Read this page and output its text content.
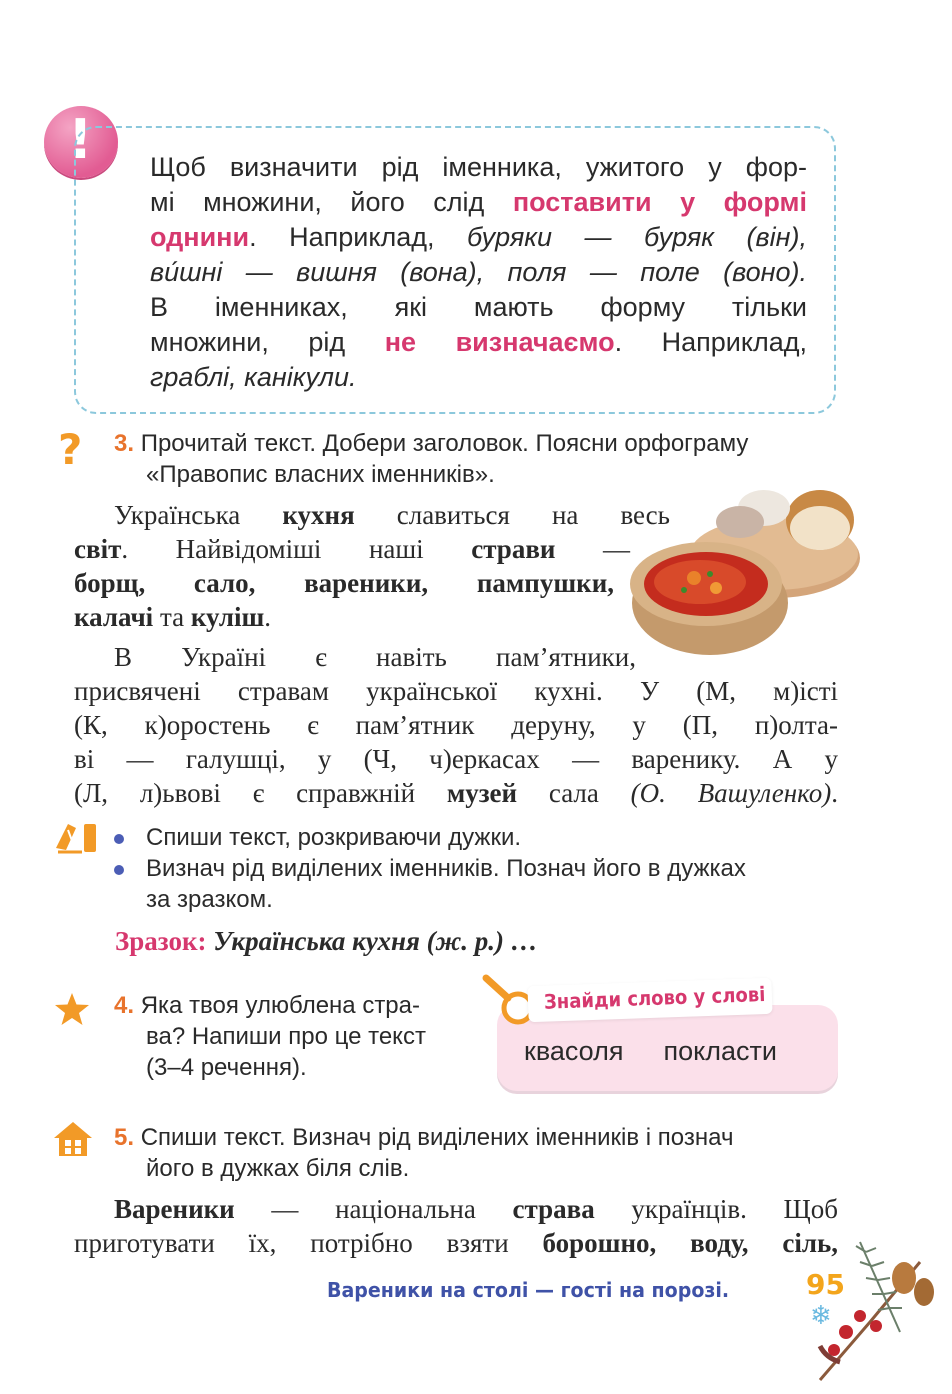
! Щоб визначити рід іменника, ужитого у фор-

мі множини, його слід поставити у формі

однини. Наприклад, буряки — буряк (він),

ви́шні — вишня (вона), поля — поле (воно).

В іменниках, які мають форму тільки

множини, рід не визначаємо. Наприклад,

граблі, канікули.

? 3. Прочитай текст. Добери заголовок. Поясни орфограму
«Правопис власних іменників».

Українська кухня славиться на весь

світ. Найвідоміші наші страви —

борщ, сало, вареники, пампушки,

калачі та куліш.

В Україні є навіть пам’ятники,

присвячені стравам української кухні. У (М, м)істі

(К, к)оростень є пам’ятник деруну, у (П, п)олта-

ві — галушці, у (Ч, ч)еркасах — варенику. А у

(Л, л)ьвові є справжній музей сала (О. Вашуленко).

Спиши текст, розкриваючи дужки.
Визнач рід виділених іменників. Познач його в дужках
за зразком.
Зразок: Українська кухня (ж. р.) …
4. Яка твоя улюблена стра-
ва? Напиши про це текст
(3–4 речення).
Знайди слово у слові
квасоля покласти
5. Спиши текст. Визнач рід виділених іменників і познач
його в дужках біля слів.

Вареники — національна страва українців. Щоб

приготувати їх, потрібно взяти борошно, воду, сіль,

Вареники на столі — гості на порозі.	95
❄
